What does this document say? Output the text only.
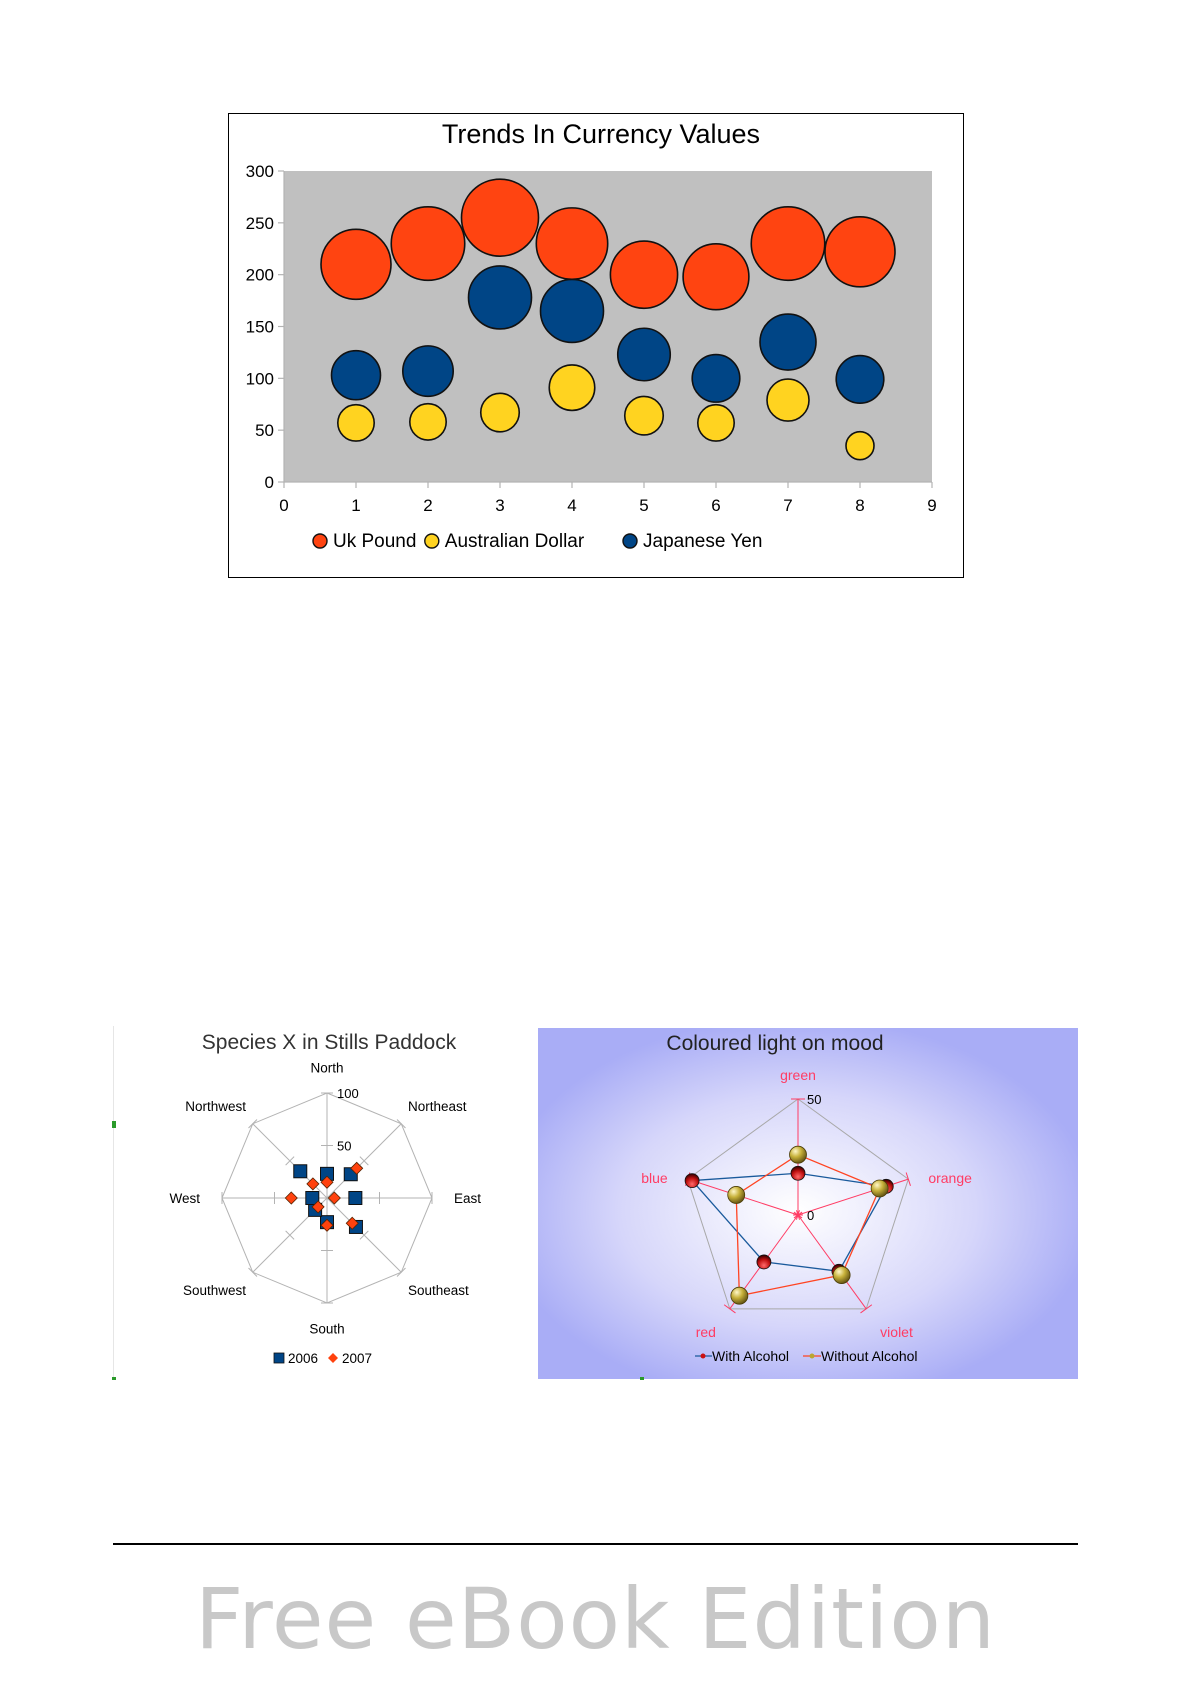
Trends In Currency Values
0
50
100
150
200
250
300
0	1	2	3	4	5	6	7	8	9
Uk Pound Australian Dollar	Japanese Yen
Species X in Stills Paddock
50
100
North
Northeast
East
Southeast
South
Southwest
West
Northwest
2006 2007
Coloured light on mood
0
50
green
orange
violet
red
blue
With Alcohol Without Alcohol
Free eBook Edition
